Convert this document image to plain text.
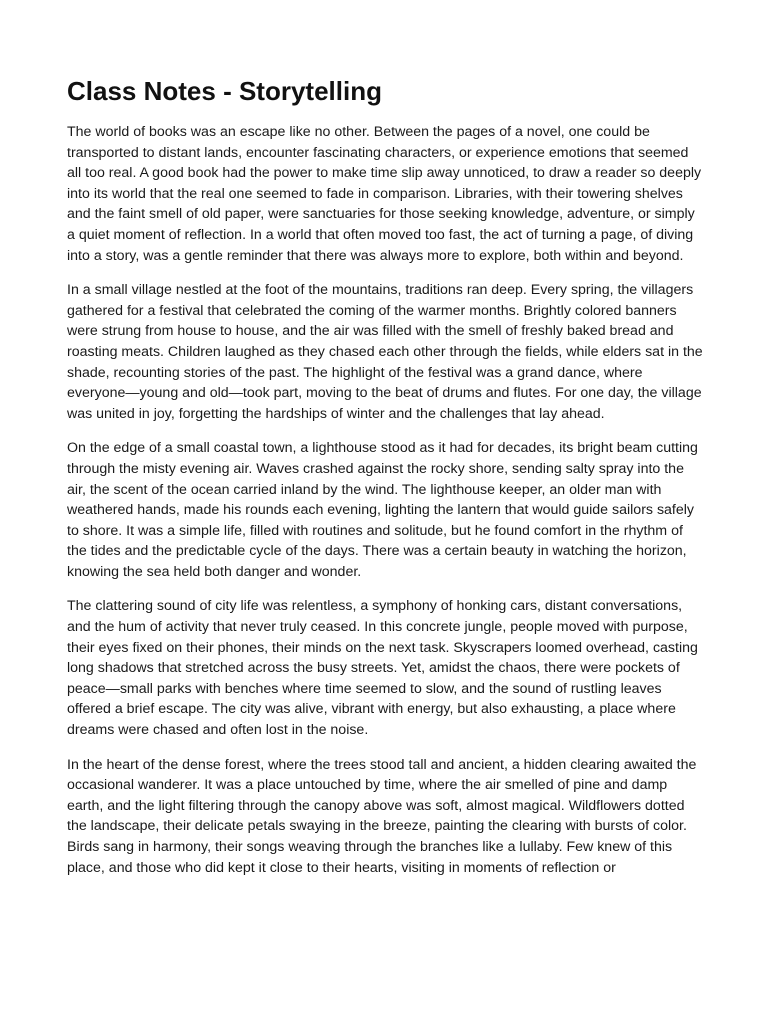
Class Notes - Storytelling

The world of books was an escape like no other. Between the pages of a novel, one could be transported to distant lands, encounter fascinating characters, or experience emotions that seemed all too real. A good book had the power to make time slip away unnoticed, to draw a reader so deeply into its world that the real one seemed to fade in comparison. Libraries, with their towering shelves and the faint smell of old paper, were sanctuaries for those seeking knowledge, adventure, or simply a quiet moment of reflection. In a world that often moved too fast, the act of turning a page, of diving into a story, was a gentle reminder that there was always more to explore, both within and beyond.

In a small village nestled at the foot of the mountains, traditions ran deep. Every spring, the villagers gathered for a festival that celebrated the coming of the warmer months. Brightly colored banners were strung from house to house, and the air was filled with the smell of freshly baked bread and roasting meats. Children laughed as they chased each other through the fields, while elders sat in the shade, recounting stories of the past. The highlight of the festival was a grand dance, where everyone—young and old—took part, moving to the beat of drums and flutes. For one day, the village was united in joy, forgetting the hardships of winter and the challenges that lay ahead.

On the edge of a small coastal town, a lighthouse stood as it had for decades, its bright beam cutting through the misty evening air. Waves crashed against the rocky shore, sending salty spray into the air, the scent of the ocean carried inland by the wind. The lighthouse keeper, an older man with weathered hands, made his rounds each evening, lighting the lantern that would guide sailors safely to shore. It was a simple life, filled with routines and solitude, but he found comfort in the rhythm of the tides and the predictable cycle of the days. There was a certain beauty in watching the horizon, knowing the sea held both danger and wonder.

The clattering sound of city life was relentless, a symphony of honking cars, distant conversations, and the hum of activity that never truly ceased. In this concrete jungle, people moved with purpose, their eyes fixed on their phones, their minds on the next task. Skyscrapers loomed overhead, casting long shadows that stretched across the busy streets. Yet, amidst the chaos, there were pockets of peace—small parks with benches where time seemed to slow, and the sound of rustling leaves offered a brief escape. The city was alive, vibrant with energy, but also exhausting, a place where dreams were chased and often lost in the noise.

In the heart of the dense forest, where the trees stood tall and ancient, a hidden clearing awaited the occasional wanderer. It was a place untouched by time, where the air smelled of pine and damp earth, and the light filtering through the canopy above was soft, almost magical. Wildflowers dotted the landscape, their delicate petals swaying in the breeze, painting the clearing with bursts of color. Birds sang in harmony, their songs weaving through the branches like a lullaby. Few knew of this place, and those who did kept it close to their hearts, visiting in moments of reflection or
